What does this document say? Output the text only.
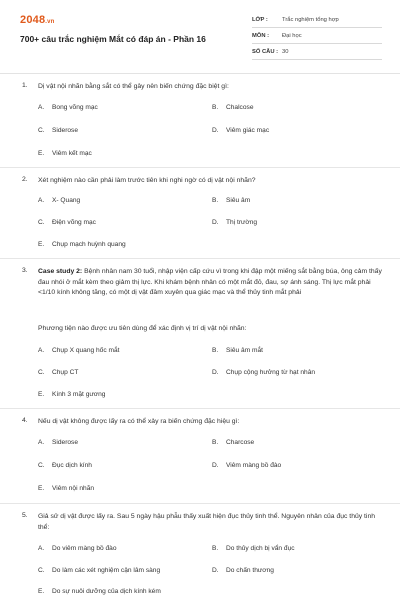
2048.vn
700+ câu trắc nghiệm Mắt có đáp án - Phần 16
LỚP :	Trắc nghiệm tổng hợp
MÔN :	Đại học
SỐ CÂU : 30
1. Dị vật nội nhãn bằng sắt có thể gây nên biến chứng đặc biệt gì:
A. Bong võng mạc	B. Chalcose
C. Siderose	D. Viêm giác mạc
E. Viêm kết mạc
2. Xét nghiệm nào cần phải làm trước tiên khi nghi ngờ có dị vật nội nhãn?
A. X- Quang	B. Siêu âm
C. Điện võng mạc	D. Thị trường
E. Chụp mạch huỳnh quang
3. Case study 2: Bệnh nhân nam 30 tuổi, nhập viện cấp cứu vì trong khi đập một miếng sắt bằng búa, ông cảm thấy đau nhói ở mắt kèm theo giảm thị lực. Khi khám bệnh nhân có một mắt đỏ, đau, sợ ánh sáng. Thị lực mắt phải <1/10 kính không tăng, có một dị vật đâm xuyên qua giác mạc và thể thủy tinh mắt phải
Phương tiện nào được ưu tiên dùng để xác định vị trí dị vật nội nhãn:
A. Chụp X quang hốc mắt	B. Siêu âm mắt
C. Chụp CT	D. Chụp cộng hưởng từ hạt nhân
E. Kính 3 mặt gương
4. Nếu dị vật không được lấy ra có thể xảy ra biến chứng đặc hiệu gì:
A. Siderose	B. Charcose
C. Đục dịch kính	D. Viêm màng bồ đào
E. Viêm nội nhãn
5. Giả sử dị vật được lấy ra. Sau 5 ngày hậu phẫu thấy xuất hiện đục thủy tinh thể. Nguyên nhân của đục thủy tinh thể:
A. Do viêm màng bồ đào	B. Do thủy dịch bị vẩn đục
C. Do làm các xét nghiệm cận lâm sàng	D. Do chấn thương
E. Do sự nuôi dưỡng của dịch kính kém
